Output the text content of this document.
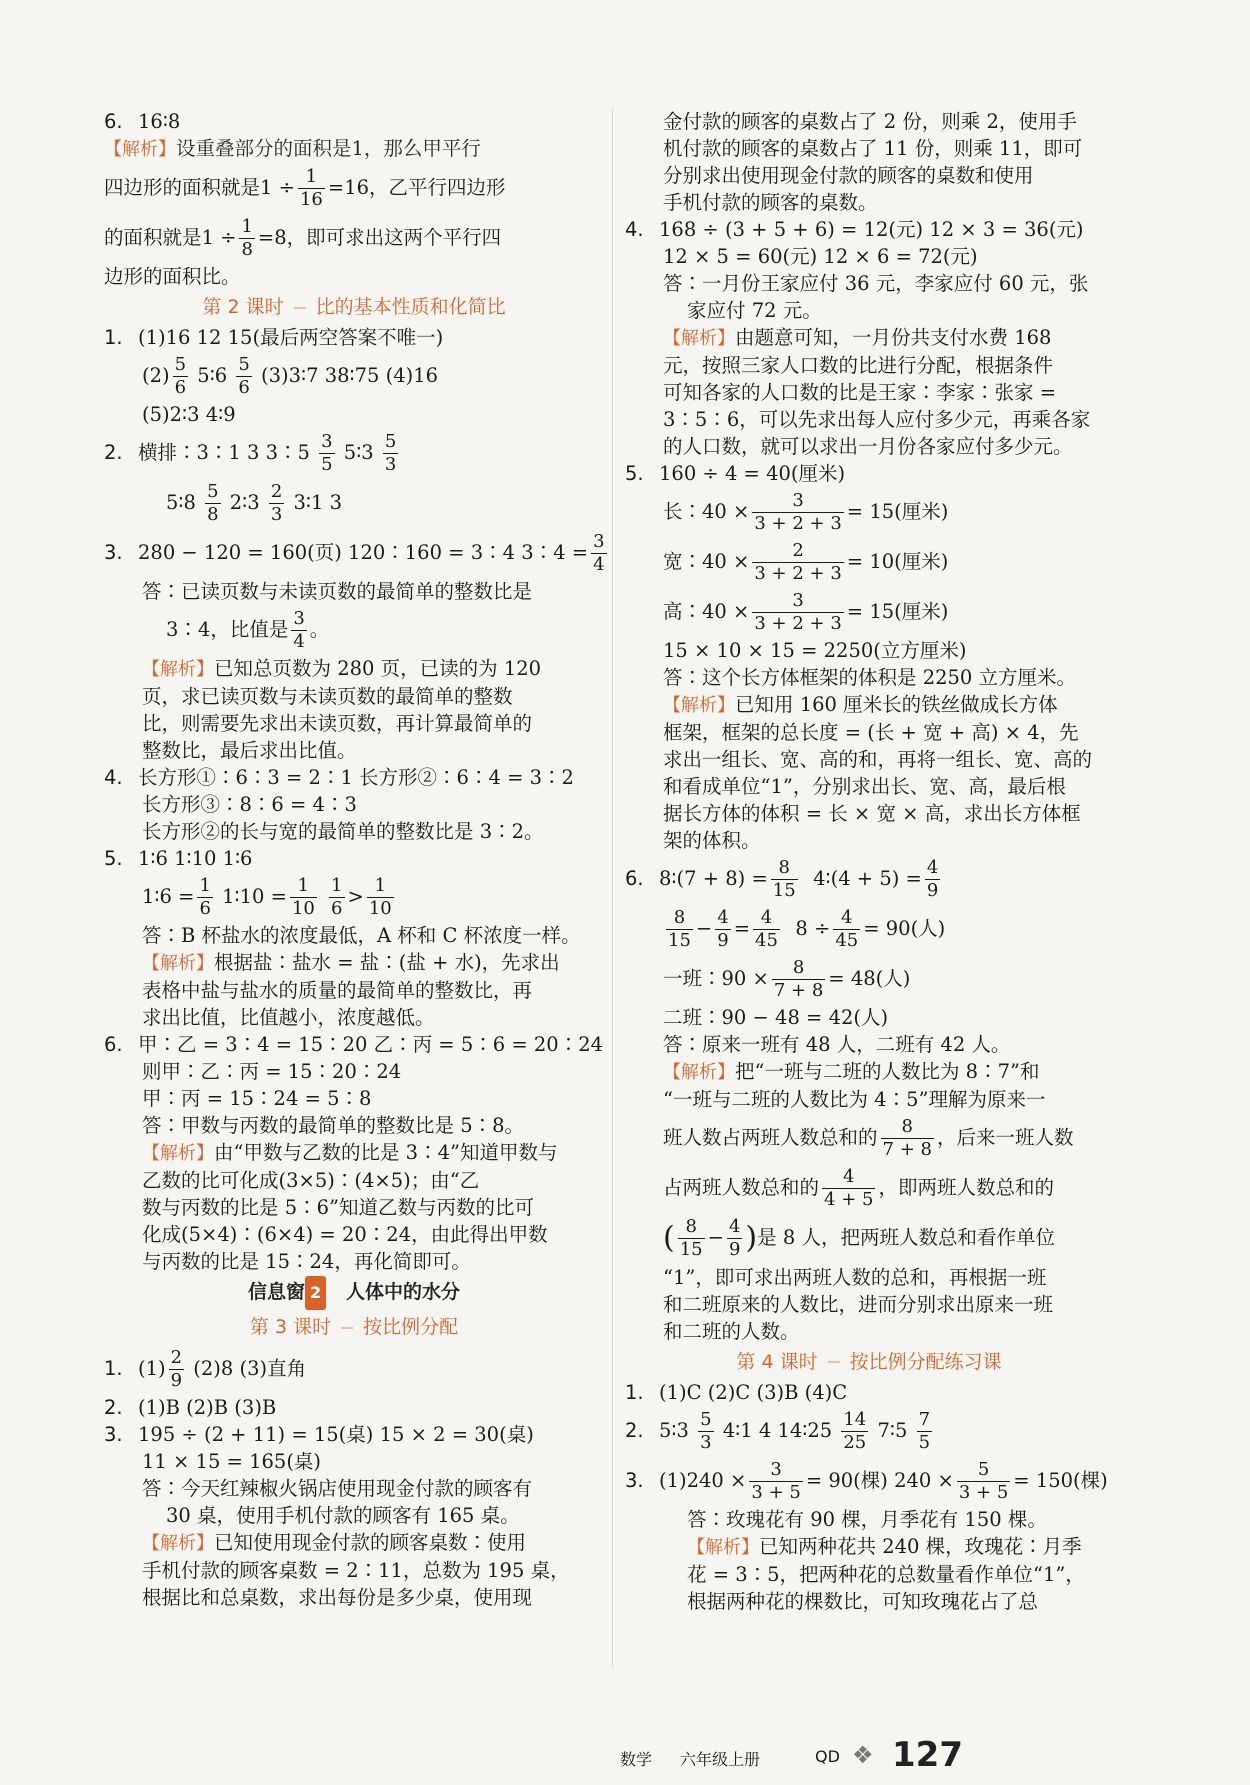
6. 16∶8
【解析】设重叠部分的面积是1，那么甲平行
四边形的面积就是$1 \div \frac{1}{16} =16$，乙平行四边形
的面积就是$1 \div \frac{1}{8} =8$，即可求出这两个平行四
边形的面积比。
第 2 课时 比的基本性质和化简比
1. (1)16 12 15(最后两空答案不唯一)
$(2) \frac{5}{6}$ 5∶6 $\frac{5}{6}$ (3)3∶7 38∶75 (4)16
(5)2∶3 4∶9
2. 横排∶3∶1 3 3∶5 $\frac{3}{5}$ 5∶3 $\frac{5}{3}$
5∶8 $\frac{5}{8}$ 2∶3 $\frac{2}{3}$ 3∶1 3
3. 280 − 120 = 160(页) 120∶160 = 3∶4 3∶4 = $\frac{3}{4}$
答∶已读页数与未读页数的最简单的整数比是
3∶4，比值是 $\frac{3}{4}$ 。
【解析】已知总页数为 280 页，已读的为 120
页，求已读页数与未读页数的最简单的整数
比，则需要先求出未读页数，再计算最简单的
整数比，最后求出比值。
4. 长方形①∶6∶3 = 2∶1 长方形②∶6∶4 = 3∶2
长方形③∶8∶6 = 4∶3
长方形②的长与宽的最简单的整数比是 3∶2。
5. 1∶6 1∶10 1∶6
1∶6 = $\frac{1}{6}$ 1∶10 = $\frac{1}{10}$
$\frac{1}{6} > \frac{1}{10}$
答∶B 杯盐水的浓度最低，A 杯和 C 杯浓度一样。
【解析】根据盐∶盐水 = 盐∶(盐 + 水)，先求出
表格中盐与盐水的质量的最简单的整数比，再
求出比值，比值越小，浓度越低。
6. 甲∶乙 = 3∶4 = 15∶20 乙∶丙 = 5∶6 = 20∶24
则甲∶乙∶丙 = 15∶20∶24
甲∶丙 = 15∶24 = 5∶8
答∶甲数与丙数的最简单的整数比是 5∶8。
【解析】由“甲数与乙数的比是 3∶4”知道甲数与
乙数的比可化成(3×5)∶(4×5)；由“乙
数与丙数的比是 5∶6”知道乙数与丙数的比可
化成(5×4)∶(6×4) = 20∶24，由此得出甲数
与丙数的比是 15∶24，再化简即可。
信息窗 2 人体中的水分
第 3 课时 按比例分配
1. $(1) \frac{2}{9} (2)8$ (3)直角
2. (1)B (2)B (3)B
3. 195 ÷ (2 + 11) = 15(桌) 15 × 2 = 30(桌)
11 × 15 = 165(桌)
答∶今天红辣椒火锅店使用现金付款的顾客有
30 桌，使用手机付款的顾客有 165 桌。
【解析】已知使用现金付款的顾客桌数∶使用
手机付款的顾客桌数 = 2∶11，总数为 195 桌，
根据比和总桌数，求出每份是多少桌，使用现
金付款的顾客的桌数占了 2 份，则乘 2，使用手
机付款的顾客的桌数占了 11 份，则乘 11，即可
分别求出使用现金付款的顾客的桌数和使用
手机付款的顾客的桌数。
4. 168 ÷ (3 + 5 + 6) = 12(元) 12 × 3 = 36(元)
12 × 5 = 60(元) 12 × 6 = 72(元)
答∶一月份王家应付 36 元，李家应付 60 元，张
家应付 72 元。
【解析】由题意可知，一月份共支付水费 168
元，按照三家人口数的比进行分配，根据条件
可知各家的人口数的比是王家∶李家∶张家 =
3∶5∶6，可以先求出每人应付多少元，再乘各家
的人口数，就可以求出一月份各家应付多少元。
5. 160 ÷ 4 = 40(厘米)
长∶40 × $\frac{3}{3 + 2 + 3} = 15$(厘米)
宽∶40 × $\frac{2}{3 + 2 + 3} = 10$(厘米)
高∶40 × $\frac{3}{3 + 2 + 3} = 15$(厘米)
15 × 10 × 15 = 2250(立方厘米)
答∶这个长方体框架的体积是 2250 立方厘米。
【解析】已知用 160 厘米长的铁丝做成长方体
框架，框架的总长度 = (长 + 宽 + 高) × 4，先
求出一组长、宽、高的和，再将一组长、宽、高的
和看成单位“1”，分别求出长、宽、高，最后根
据长方体的体积 = 长 × 宽 × 高，求出长方体框
架的体积。
6. 8∶(7 + $8) = \frac{8}{15}$ 4∶(4 + $5) = \frac{4}{9}$
$\frac{8}{15} - \frac{4}{9} = \frac{4}{45} 8 \div \frac{4}{45} = 90$(人)
一班∶90 × $\frac{8}{7 + 8} = 48$(人)
二班∶90 − 48 = 42(人)
答∶原来一班有 48 人，二班有 42 人。
【解析】把“一班与二班的人数比为 8∶7”和
“一班与二班的人数比为 4∶5”理解为原来一
班人数占两班人数总和的 $\frac{8}{7 + 8}$ ，后来一班人数
占两班人数总和的 $\frac{4}{4 + 5}$ ，即两班人数总和的
( $\frac{8}{15} - \frac{4}{9}$ )是 8 人，把两班人数总和看作单位
“1”，即可求出两班人数的总和，再根据一班
和二班原来的人数比，进而分别求出原来一班
和二班的人数。
第 4 课时 按比例分配练习课
1. (1)C (2)C (3)B (4)C
2. 5∶3 $\frac{5}{3}$ 4∶1 4 14∶25 $\frac{14}{25}$ 7∶5 $\frac{7}{5}$
3. $(1)240 \times \frac{3}{3 + 5} = 90$(棵) $240 \times \frac{5}{3 + 5} = 150$(棵)
答∶玫瑰花有 90 棵，月季花有 150 棵。
【解析】已知两种花共 240 棵，玫瑰花∶月季
花 = 3∶5，把两种花的总数量看作单位“1”，
根据两种花的棵数比，可知玫瑰花占了总
数学 六年级上册	QD ❖ 127
